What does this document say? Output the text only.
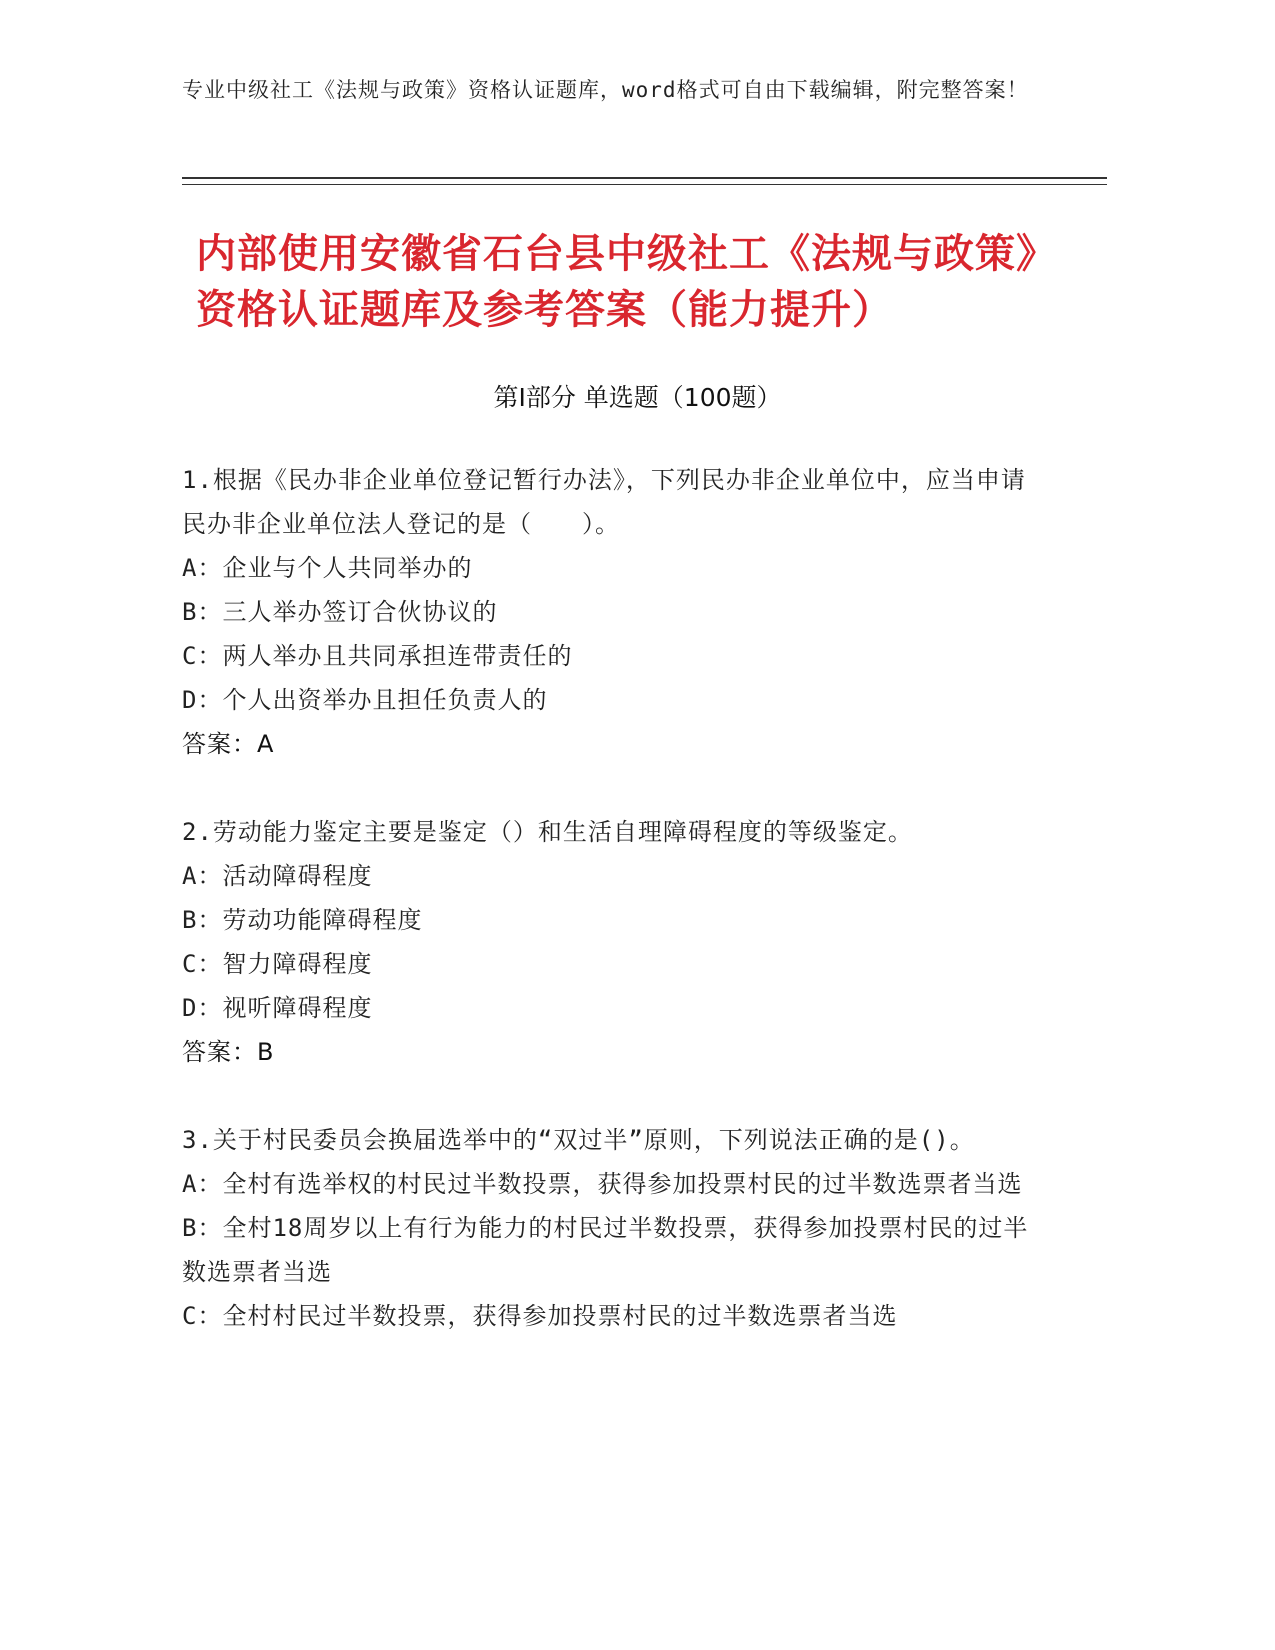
专业中级社工《法规与政策》资格认证题库，word格式可自由下载编辑，附完整答案！
内部使用安徽省石台县中级社工《法规与政策》资格认证题库及参考答案（能力提升）
第Ⅰ部分 单选题（100题）

1.根据《民办非企业单位登记暂行办法》，下列民办非企业单位中，应当申请民办非企业单位法人登记的是（　　）。

A：企业与个人共同举办的

B：三人举办签订合伙协议的

C：两人举办且共同承担连带责任的

D：个人出资举办且担任负责人的

答案：A

2.劳动能力鉴定主要是鉴定（）和生活自理障碍程度的等级鉴定。

A：活动障碍程度

B：劳动功能障碍程度

C：智力障碍程度

D：视听障碍程度

答案：B

3.关于村民委员会换届选举中的“双过半”原则，下列说法正确的是()。

A：全村有选举权的村民过半数投票，获得参加投票村民的过半数选票者当选

B：全村18周岁以上有行为能力的村民过半数投票，获得参加投票村民的过半数选票者当选

C：全村村民过半数投票，获得参加投票村民的过半数选票者当选
